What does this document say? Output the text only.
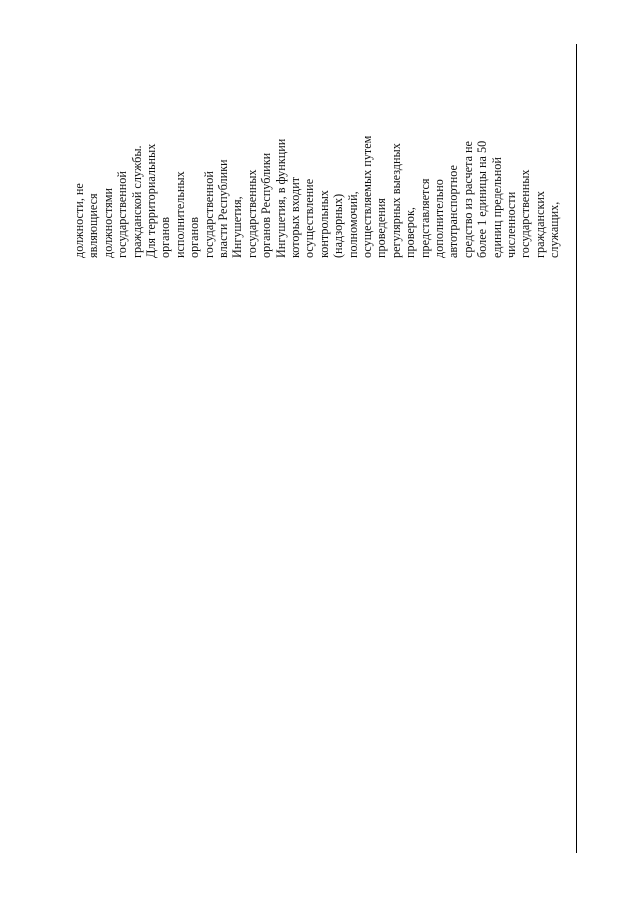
должности, не являющиеся должностями государственной гражданской службы. Для территориальных органов исполнительных органов государственной власти Республики Ингушетия, государственных органов Республики Ингушетия, в функции которых входит осуществление контрольных (надзорных) полномочий, осуществляемых путем проведения регулярных выездных проверок, представляется дополнительно автотранспортное средство из расчета не более 1 единицы на 50 единиц предельной численности государственных гражданских служащих,
